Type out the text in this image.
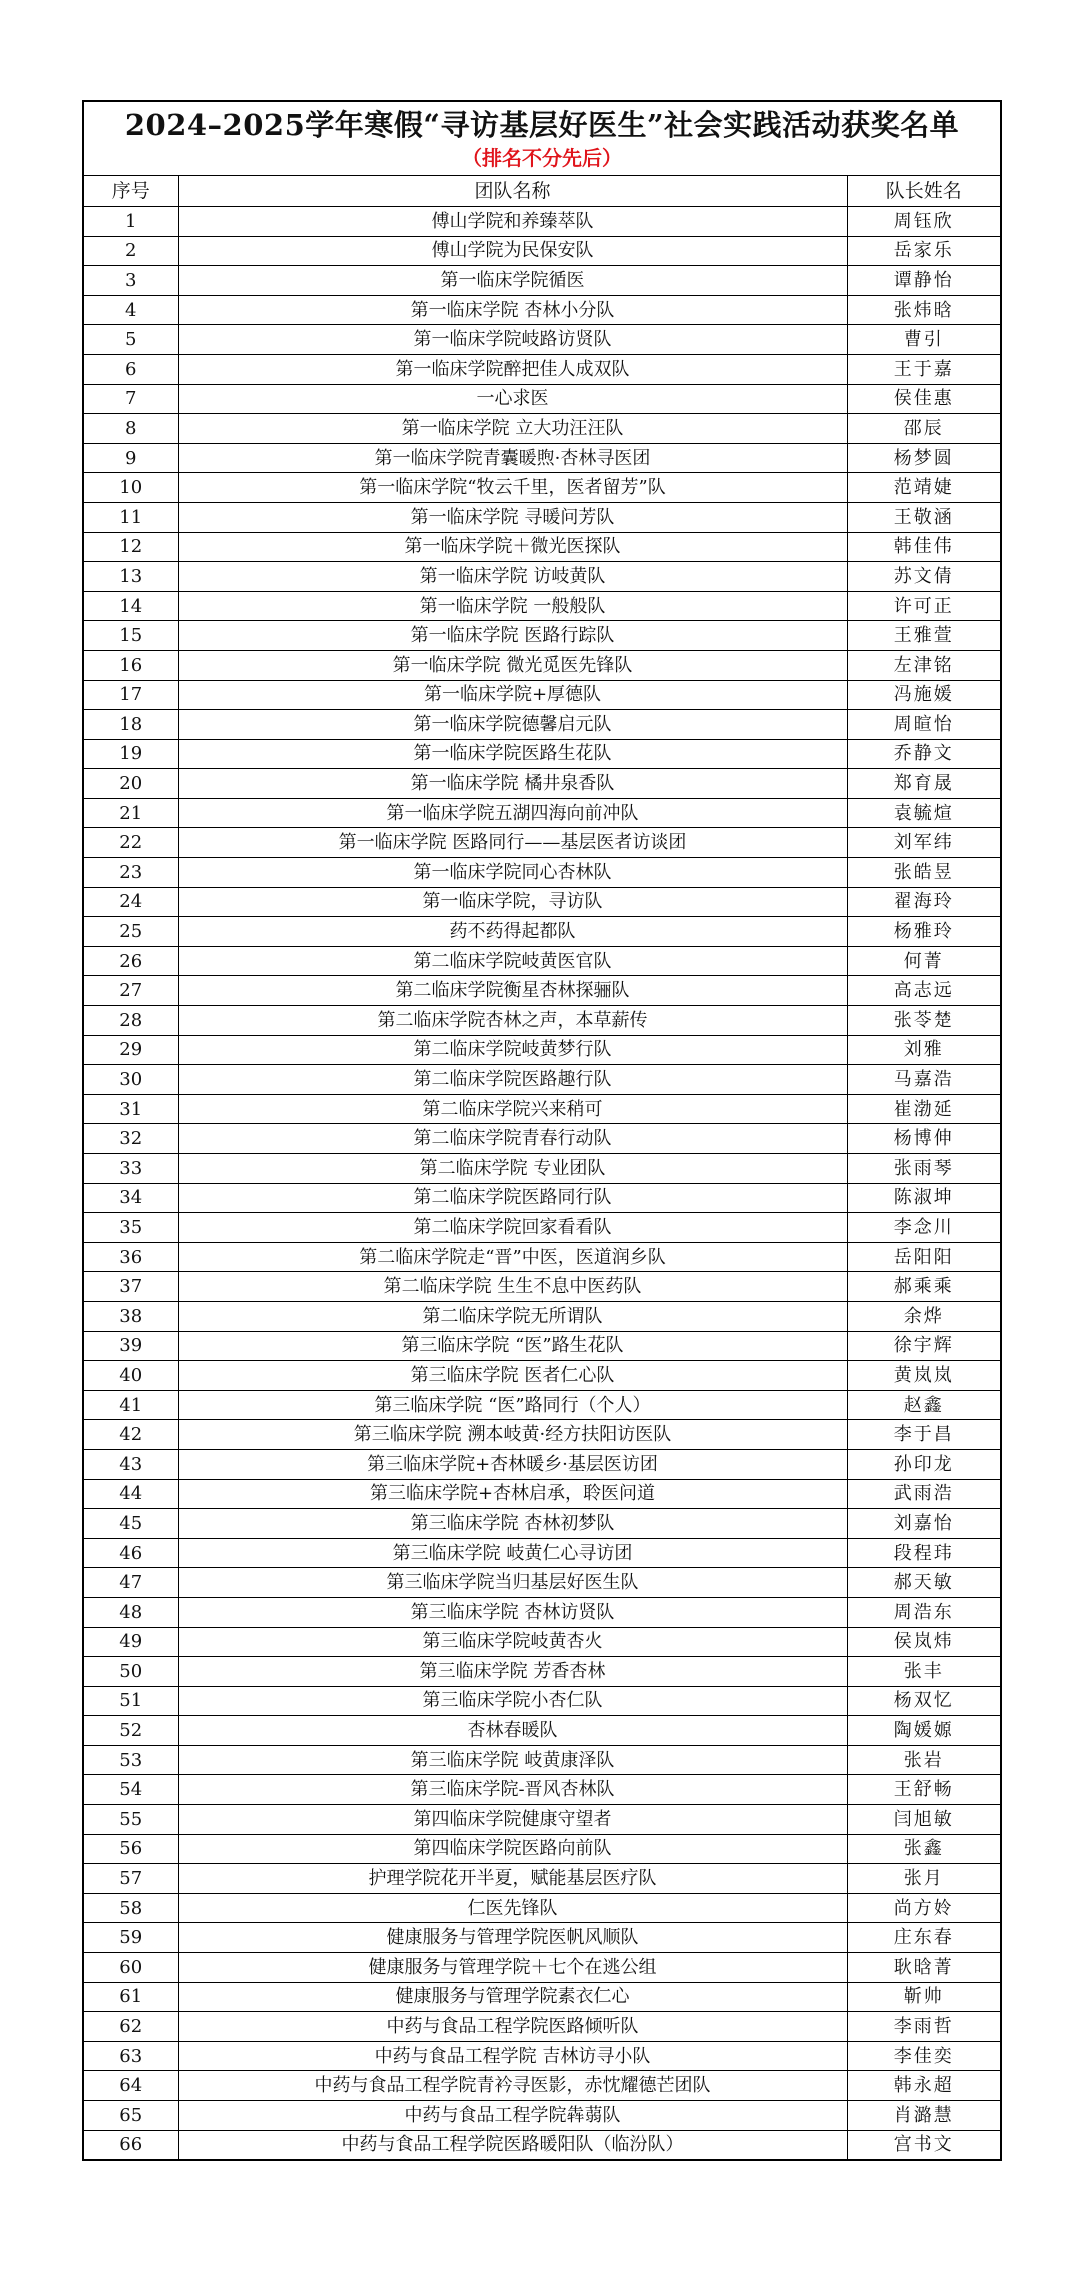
2024–2025学年寒假“寻访基层好医生”社会实践活动获奖名单
（排名不分先后）
序号	团队名称	队长姓名
1	傅山学院和养臻萃队	周钰欣
2	傅山学院为民保安队	岳家乐
3	第一临床学院循医	谭静怡
4	第一临床学院 杏林小分队	张炜晗
5	第一临床学院岐路访贤队	曹引
6	第一临床学院醉把佳人成双队	王于嘉
7	一心求医	侯佳惠
8	第一临床学院 立大功汪汪队	邵辰
9	第一临床学院青囊暖煦·杏林寻医团	杨梦圆
10	第一临床学院“牧云千里，医者留芳”队	范靖婕
11	第一临床学院 寻暖问芳队	王敬涵
12	第一临床学院＋微光医探队	韩佳伟
13	第一临床学院 访岐黄队	苏文倩
14	第一临床学院 一般般队	许可正
15	第一临床学院 医路行踪队	王雅萱
16	第一临床学院 微光觅医先锋队	左津铭
17	第一临床学院+厚德队	冯施媛
18	第一临床学院德馨启元队	周暄怡
19	第一临床学院医路生花队	乔静文
20	第一临床学院 橘井泉香队	郑育晟
21	第一临床学院五湖四海向前冲队	袁毓煊
22	第一临床学院 医路同行——基层医者访谈团	刘军纬
23	第一临床学院同心杏林队	张皓昱
24	第一临床学院，寻访队	翟海玲
25	药不药得起都队	杨雅玲
26	第二临床学院岐黄医官队	何菁
27	第二临床学院衡星杏林探骊队	高志远
28	第二临床学院杏林之声，本草薪传	张苓楚
29	第二临床学院岐黄梦行队	刘雅
30	第二临床学院医路趣行队	马嘉浩
31	第二临床学院兴来稍可	崔渤延
32	第二临床学院青春行动队	杨博伸
33	第二临床学院 专业团队	张雨琴
34	第二临床学院医路同行队	陈淑坤
35	第二临床学院回家看看队	李念川
36	第二临床学院走“晋”中医，医道润乡队	岳阳阳
37	第二临床学院 生生不息中医药队	郝乘乘
38	第二临床学院无所谓队	余烨
39	第三临床学院 “医”路生花队	徐宇辉
40	第三临床学院 医者仁心队	黄岚岚
41	第三临床学院 “医”路同行（个人）	赵鑫
42	第三临床学院 溯本岐黄·经方扶阳访医队	李于昌
43	第三临床学院+杏林暖乡·基层医访团	孙印龙
44	第三临床学院+杏林启承，聆医问道	武雨浩
45	第三临床学院 杏林初梦队	刘嘉怡
46	第三临床学院 岐黄仁心寻访团	段程玮
47	第三临床学院当归基层好医生队	郝天敏
48	第三临床学院 杏林访贤队	周浩东
49	第三临床学院岐黄杏火	侯岚炜
50	第三临床学院 芳香杏林	张丰
51	第三临床学院小杏仁队	杨双忆
52	杏林春暖队	陶媛嫄
53	第三临床学院 岐黄康泽队	张岩
54	第三临床学院-晋风杏林队	王舒畅
55	第四临床学院健康守望者	闫旭敏
56	第四临床学院医路向前队	张鑫
57	护理学院花开半夏，赋能基层医疗队	张月
58	仁医先锋队	尚方姈
59	健康服务与管理学院医帆风顺队	庄东春
60	健康服务与管理学院＋七个在逃公组	耿晗菁
61	健康服务与管理学院素衣仁心	靳帅
62	中药与食品工程学院医路倾听队	李雨哲
63	中药与食品工程学院 吉林访寻小队	李佳奕
64	中药与食品工程学院青衿寻医影，赤忱耀德芒团队	韩永超
65	中药与食品工程学院犇蒻队	肖潞慧
66	中药与食品工程学院医路暖阳队（临汾队）	宫书文
